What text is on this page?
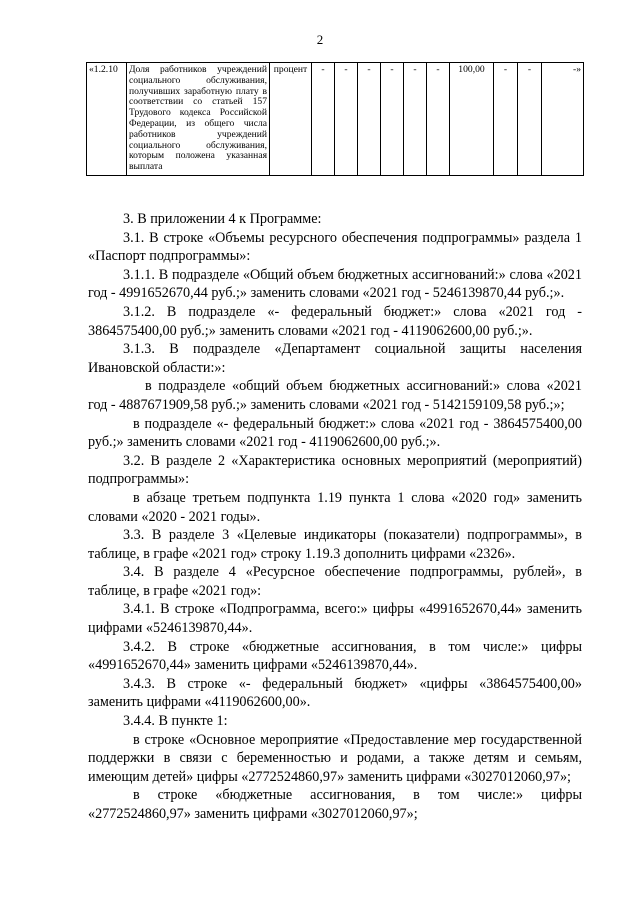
2
«1.2.10	Доля работников учреждений социального обслуживания, получивших заработную плату в соответствии со статьей 157 Трудового кодекса Российской Федерации, из общего числа работников учреждений социального обслуживания, которым положена указанная выплата	процент	-	-	-	-	-	-	100,00	-	-	-»

3. В приложении 4 к Программе:

3.1. В строке «Объемы ресурсного обеспечения подпрограммы» раздела 1 «Паспорт подпрограммы»:

3.1.1. В подразделе «Общий объем бюджетных ассигнований:» слова «2021 год - 4991652670,44 руб.;» заменить словами «2021 год - 5246139870,44 руб.;».

3.1.2. В подразделе «- федеральный бюджет:» слова «2021 год - 3864575400,00 руб.;» заменить словами «2021 год - 4119062600,00 руб.;».

3.1.3. В подразделе «Департамент социальной защиты населения Ивановской области:»:

в подразделе «общий объем бюджетных ассигнований:» слова «2021 год - 4887671909,58 руб.;» заменить словами «2021 год - 5142159109,58 руб.;»;

в подразделе «- федеральный бюджет:» слова «2021 год - 3864575400,00 руб.;» заменить словами «2021 год - 4119062600,00 руб.;».

3.2. В разделе 2 «Характеристика основных мероприятий (мероприятий) подпрограммы»:

в абзаце третьем подпункта 1.19 пункта 1 слова «2020 год» заменить словами «2020 - 2021 годы».

3.3. В разделе 3 «Целевые индикаторы (показатели) подпрограммы», в таблице, в графе «2021 год» строку 1.19.3 дополнить цифрами «2326».

3.4. В разделе 4 «Ресурсное обеспечение подпрограммы, рублей», в таблице, в графе «2021 год»:

3.4.1. В строке «Подпрограмма, всего:» цифры «4991652670,44» заменить цифрами «5246139870,44».

3.4.2. В строке «бюджетные ассигнования, в том числе:» цифры «4991652670,44» заменить цифрами «5246139870,44».

3.4.3. В строке «- федеральный бюджет» «цифры «3864575400,00» заменить цифрами «4119062600,00».

3.4.4. В пункте 1:

в строке «Основное мероприятие «Предоставление мер государственной поддержки в связи с беременностью и родами, а также детям и семьям, имеющим детей» цифры «2772524860,97» заменить цифрами «3027012060,97»;

в строке «бюджетные ассигнования, в том числе:» цифры «2772524860,97» заменить цифрами «3027012060,97»;
